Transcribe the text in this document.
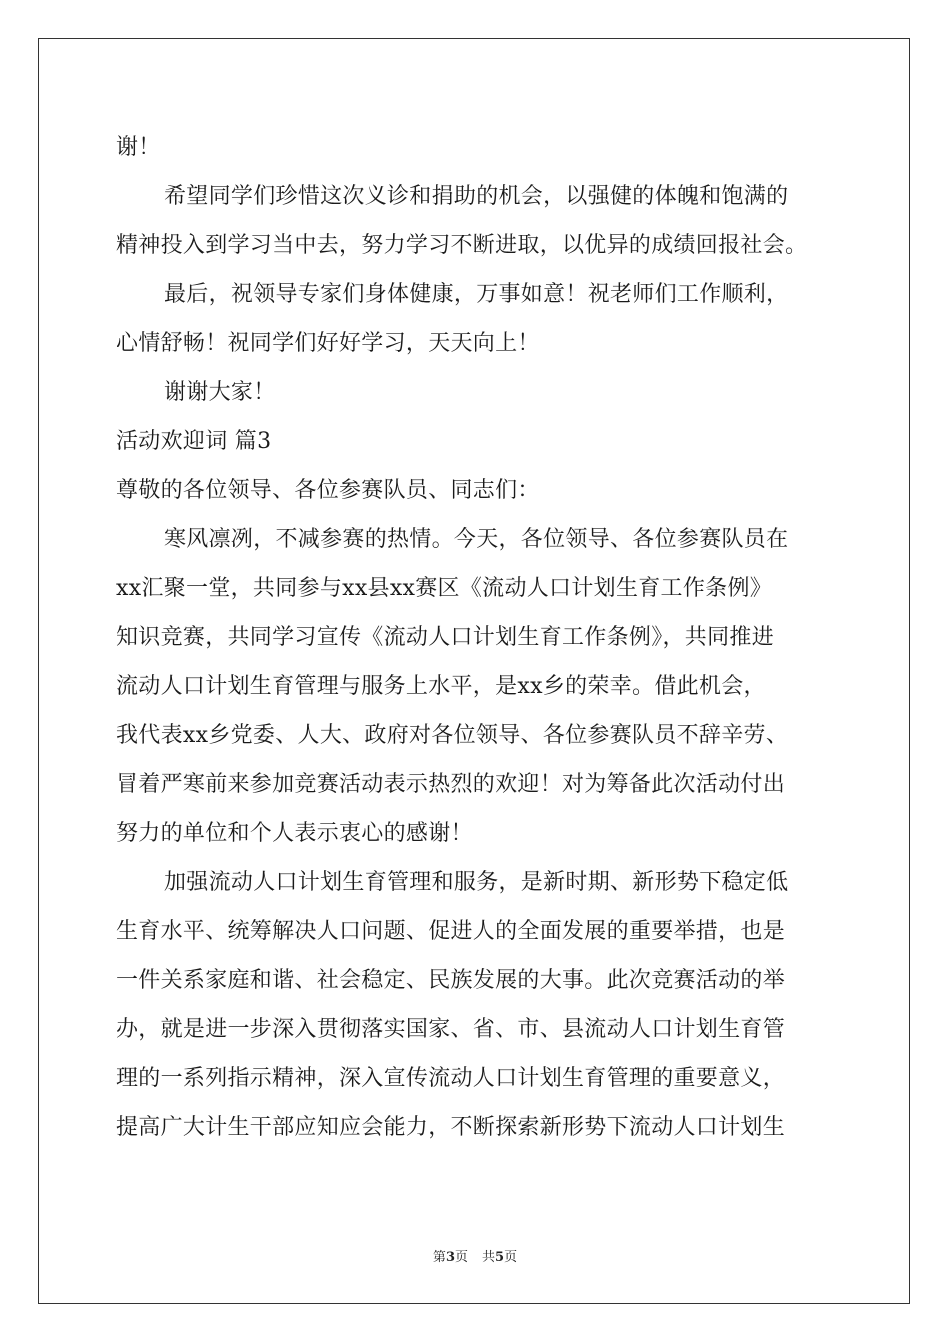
谢！
希望同学们珍惜这次义诊和捐助的机会，以强健的体魄和饱满的
精神投入到学习当中去，努力学习不断进取，以优异的成绩回报社会。
最后，祝领导专家们身体健康，万事如意！祝老师们工作顺利，
心情舒畅！祝同学们好好学习，天天向上！
谢谢大家！
活动欢迎词 篇3
尊敬的各位领导、各位参赛队员、同志们：
寒风凛冽，不减参赛的热情。今天，各位领导、各位参赛队员在
xx汇聚一堂，共同参与xx县xx赛区《流动人口计划生育工作条例》
知识竞赛，共同学习宣传《流动人口计划生育工作条例》，共同推进
流动人口计划生育管理与服务上水平，是xx乡的荣幸。借此机会，
我代表xx乡党委、人大、政府对各位领导、各位参赛队员不辞辛劳、
冒着严寒前来参加竞赛活动表示热烈的欢迎！对为筹备此次活动付出
努力的单位和个人表示衷心的感谢！
加强流动人口计划生育管理和服务，是新时期、新形势下稳定低
生育水平、统筹解决人口问题、促进人的全面发展的重要举措，也是
一件关系家庭和谐、社会稳定、民族发展的大事。此次竞赛活动的举
办，就是进一步深入贯彻落实国家、省、市、县流动人口计划生育管
理的一系列指示精神，深入宣传流动人口计划生育管理的重要意义，
提高广大计生干部应知应会能力，不断探索新形势下流动人口计划生
第3页 共5页
